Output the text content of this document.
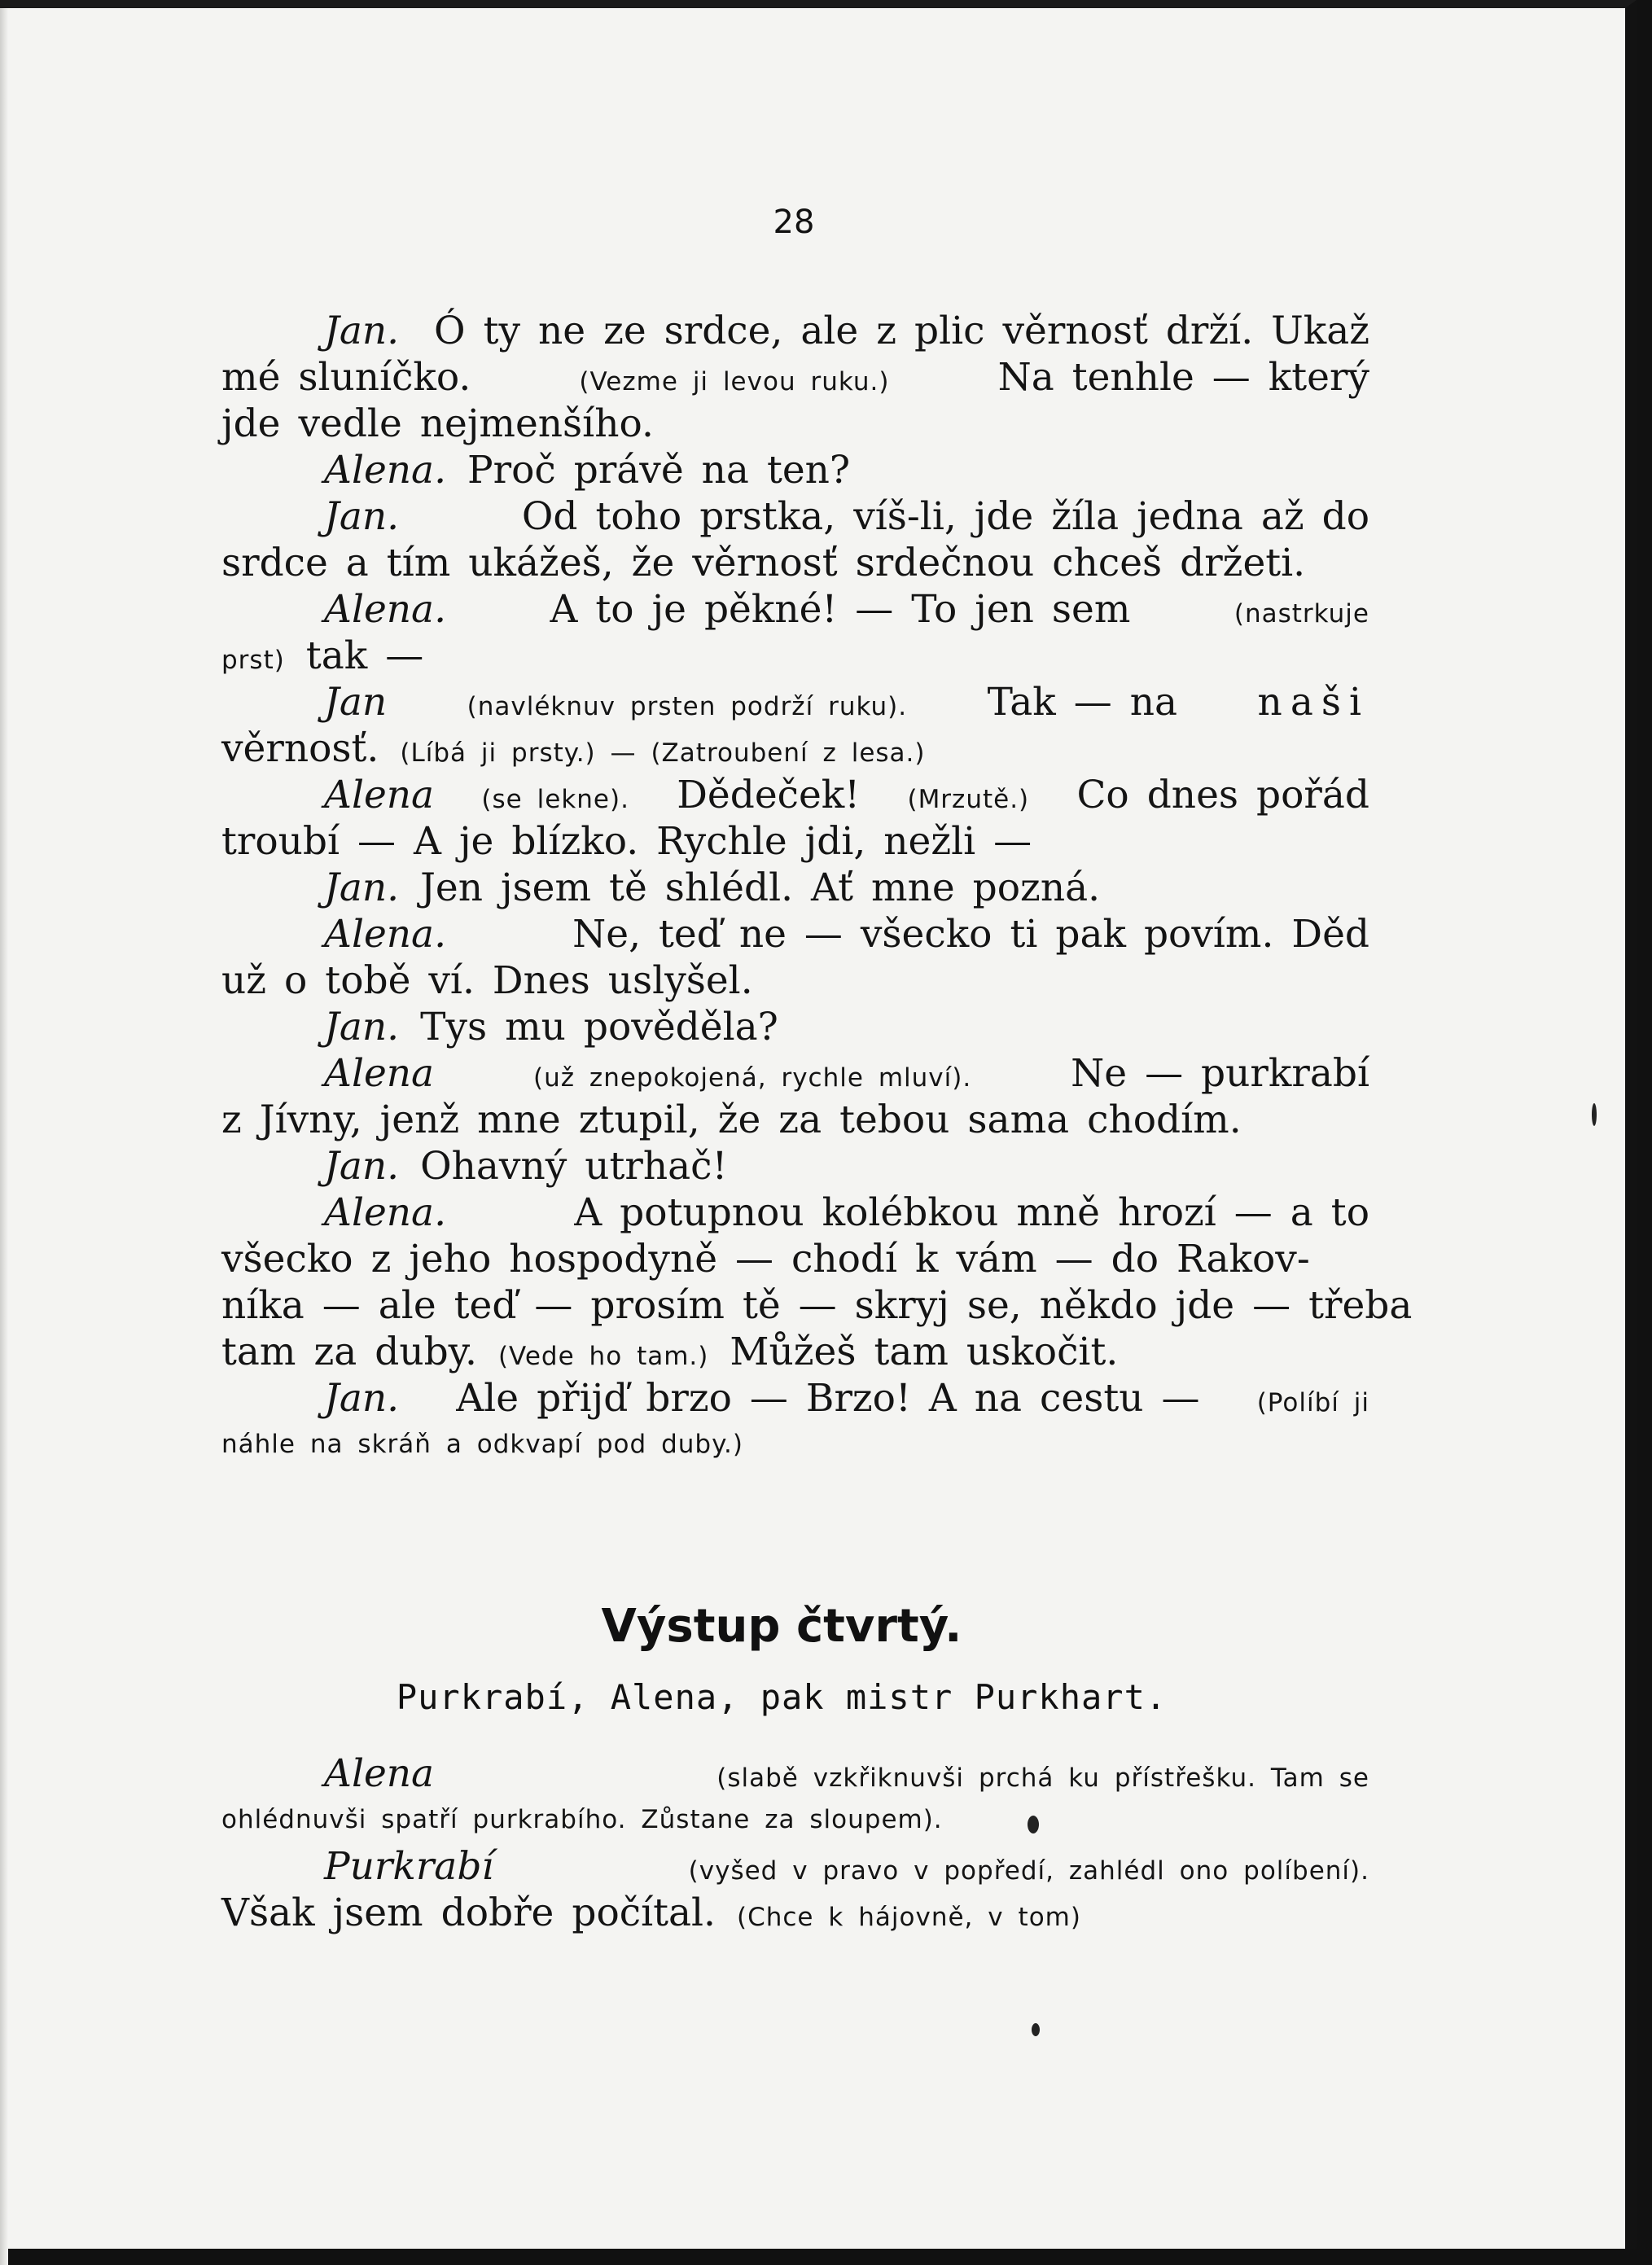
28
Jan. Ó ty ne ze srdce, ale z plic věrnosť drží. Ukaž
mé sluníčko.	(Vezme ji levou ruku.)	Na tenhle — který
jde vedle nejmenšího.
Alena. Proč právě na ten?
Jan.	Od toho prstka, víš-li, jde žíla jedna až do
srdce a tím ukážeš, že věrnosť srdečnou chceš držeti.
Alena.	A to je pěkné! — To jen sem	(nastrkuje
prst) tak —
Jan	(navléknuv prsten podrží ruku). Tak — na naši
věrnosť. (Líbá ji prsty.) — (Zatroubení z lesa.)
Alena (se lekne). Dědeček! (Mrzutě.) Co dnes pořád
troubí — A je blízko. Rychle jdi, nežli —
Jan. Jen jsem tě shlédl. Ať mne pozná.
Alena.	Ne, teď ne — všecko ti pak povím. Děd
už o tobě ví. Dnes uslyšel.
Jan. Tys mu pověděla?
Alena	(už znepokojená, rychle mluví).	Ne — purkrabí
z Jívny, jenž mne ztupil, že za tebou sama chodím.
Jan. Ohavný utrhač!
Alena.	A potupnou kolébkou mně hrozí — a to
všecko z jeho hospodyně — chodí k vám — do Rakov-
níka — ale teď — prosím tě — skryj se, někdo jde — třeba
tam za duby. (Vede ho tam.) Můžeš tam uskočit.
Jan. Ale přijď brzo — Brzo! A na cestu — (Políbí ji
náhle na skráň a odkvapí pod duby.)
Výstup čtvrtý.
Purkrabí, Alena, pak mistr Purkhart.
Alena	(slabě vzkřiknuvši prchá ku přístřešku. Tam se
ohlédnuvši spatří purkrabího. Zůstane za sloupem).
Purkrabí	(vyšed v pravo v popředí, zahlédl ono políbení).
Však jsem dobře počítal. (Chce k hájovně, v tom)
